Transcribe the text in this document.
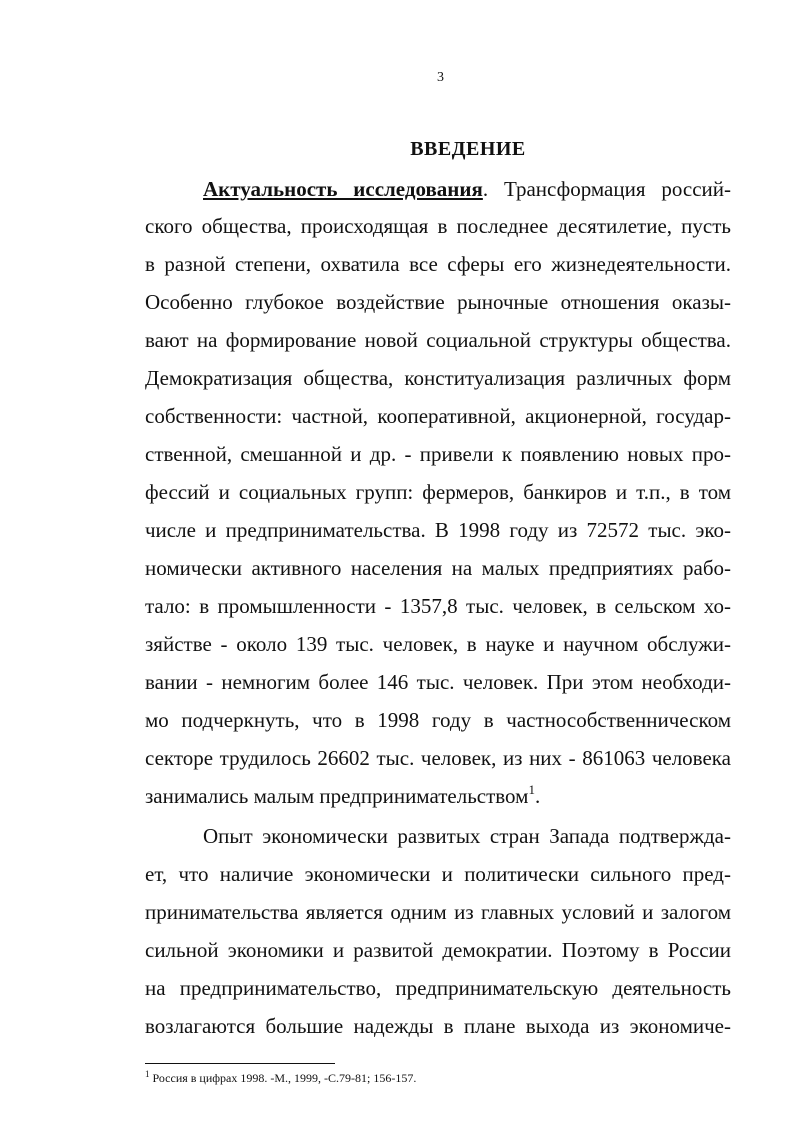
3
ВВЕДЕНИЕ
Актуальность исследования. Трансформация россий-
ского общества, происходящая в последнее десятилетие, пусть
в разной степени, охватила все сферы его жизнедеятельности.
Особенно глубокое воздействие рыночные отношения оказы-
вают на формирование новой социальной структуры общества.
Демократизация общества, конституализация различных форм
собственности: частной, кооперативной, акционерной, государ-
ственной, смешанной и др. - привели к появлению новых про-
фессий и социальных групп: фермеров, банкиров и т.п., в том
числе и предпринимательства. В 1998 году из 72572 тыс. эко-
номически активного населения на малых предприятиях рабо-
тало: в промышленности - 1357,8 тыс. человек, в сельском хо-
зяйстве - около 139 тыс. человек, в науке и научном обслужи-
вании - немногим более 146 тыс. человек. При этом необходи-
мо подчеркнуть, что в 1998 году в частнособственническом
секторе трудилось 26602 тыс. человек, из них - 861063 человека
занимались малым предпринимательством$^1$.
Опыт экономически развитых стран Запада подтвержда-
ет, что наличие экономически и политически сильного пред-
принимательства является одним из главных условий и залогом
сильной экономики и развитой демократии. Поэтому в России
на предпринимательство, предпринимательскую деятельность
возлагаются большие надежды в плане выхода из экономиче-
$^1$ Россия в цифрах 1998. -М., 1999, -С.79-81; 156-157.
